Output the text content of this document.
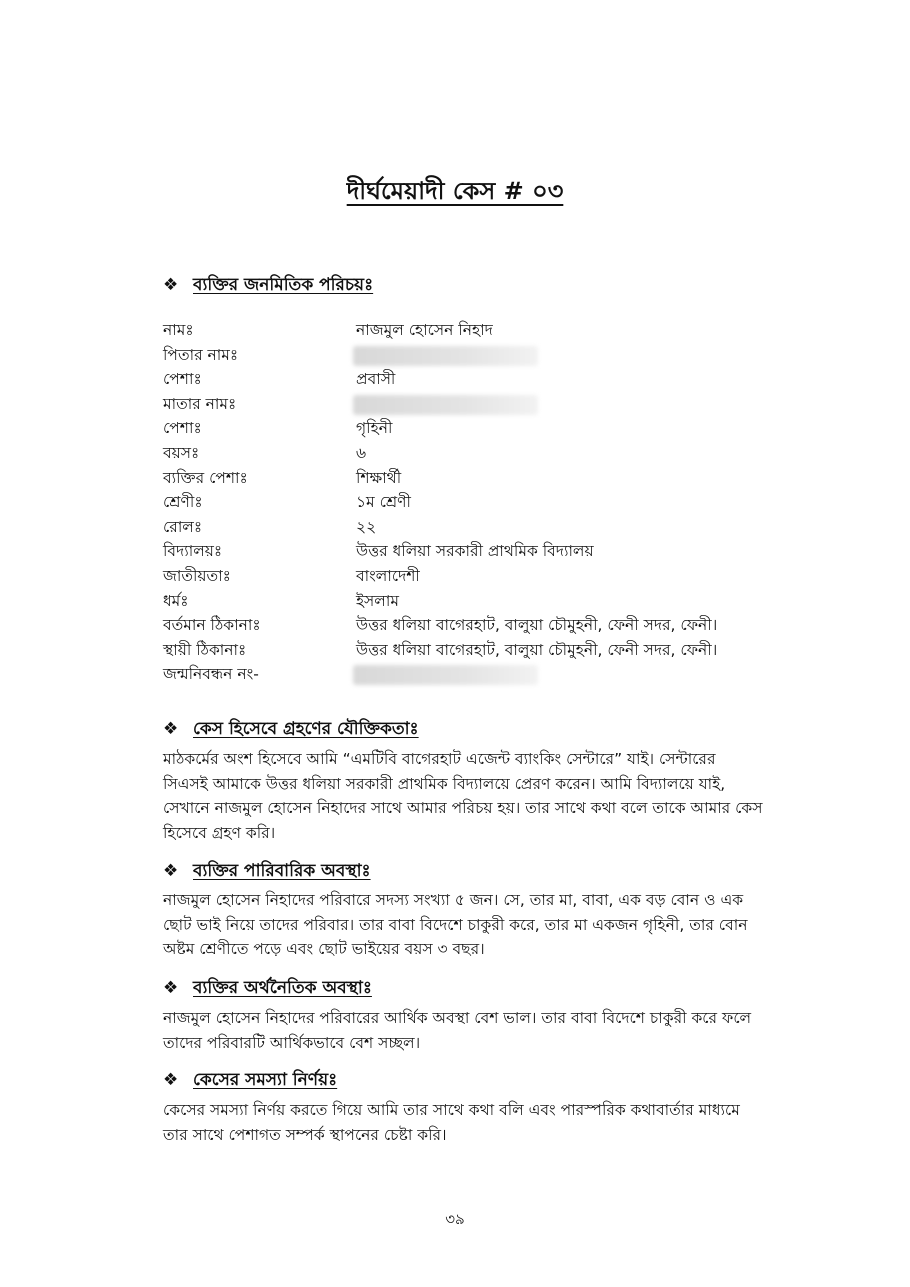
দীর্ঘমেয়াদী কেস # ০৩
❖ ব্যক্তির জনমিতিক পরিচয়ঃ
নামঃ	নাজমুল হোসেন নিহাদ
পিতার নামঃ
পেশাঃ	প্রবাসী
মাতার নামঃ
পেশাঃ	গৃহিনী
বয়সঃ	৬
ব্যক্তির পেশাঃ	শিক্ষার্থী
শ্রেণীঃ	১ম শ্রেণী
রোলঃ	২২
বিদ্যালয়ঃ	উত্তর ধলিয়া সরকারী প্রাথমিক বিদ্যালয়
জাতীয়তাঃ	বাংলাদেশী
ধর্মঃ	ইসলাম
বর্তমান ঠিকানাঃ	উত্তর ধলিয়া বাগেরহাট, বালুয়া চৌমুহনী, ফেনী সদর, ফেনী।
স্থায়ী ঠিকানাঃ	উত্তর ধলিয়া বাগেরহাট, বালুয়া চৌমুহনী, ফেনী সদর, ফেনী।
জন্মনিবন্ধন নং-
❖ কেস হিসেবে গ্রহণের যৌক্তিকতাঃ
মাঠকর্মের অংশ হিসেবে আমি “এমটিবি বাগেরহাট এজেন্ট ব্যাংকিং সেন্টারে” যাই। সেন্টারের সিএসই আমাকে উত্তর ধলিয়া সরকারী প্রাথমিক বিদ্যালয়ে প্রেরণ করেন। আমি বিদ্যালয়ে যাই, সেখানে নাজমুল হোসেন নিহাদের সাথে আমার পরিচয় হয়। তার সাথে কথা বলে তাকে আমার কেস হিসেবে গ্রহণ করি।
❖ ব্যক্তির পারিবারিক অবস্থাঃ
নাজমুল হোসেন নিহাদের পরিবারে সদস্য সংখ্যা ৫ জন। সে, তার মা, বাবা, এক বড় বোন ও এক ছোট ভাই নিয়ে তাদের পরিবার। তার বাবা বিদেশে চাকুরী করে, তার মা একজন গৃহিনী, তার বোন অষ্টম শ্রেণীতে পড়ে এবং ছোট ভাইয়ের বয়স ৩ বছর।
❖ ব্যক্তির অর্থনৈতিক অবস্থাঃ
নাজমুল হোসেন নিহাদের পরিবারের আর্থিক অবস্থা বেশ ভাল। তার বাবা বিদেশে চাকুরী করে ফলে তাদের পরিবারটি আর্থিকভাবে বেশ সচ্ছল।
❖ কেসের সমস্যা নির্ণয়ঃ
কেসের সমস্যা নির্ণয় করতে গিয়ে আমি তার সাথে কথা বলি এবং পারস্পরিক কথাবার্তার মাধ্যমে তার সাথে পেশাগত সম্পর্ক স্থাপনের চেষ্টা করি।
৩৯
